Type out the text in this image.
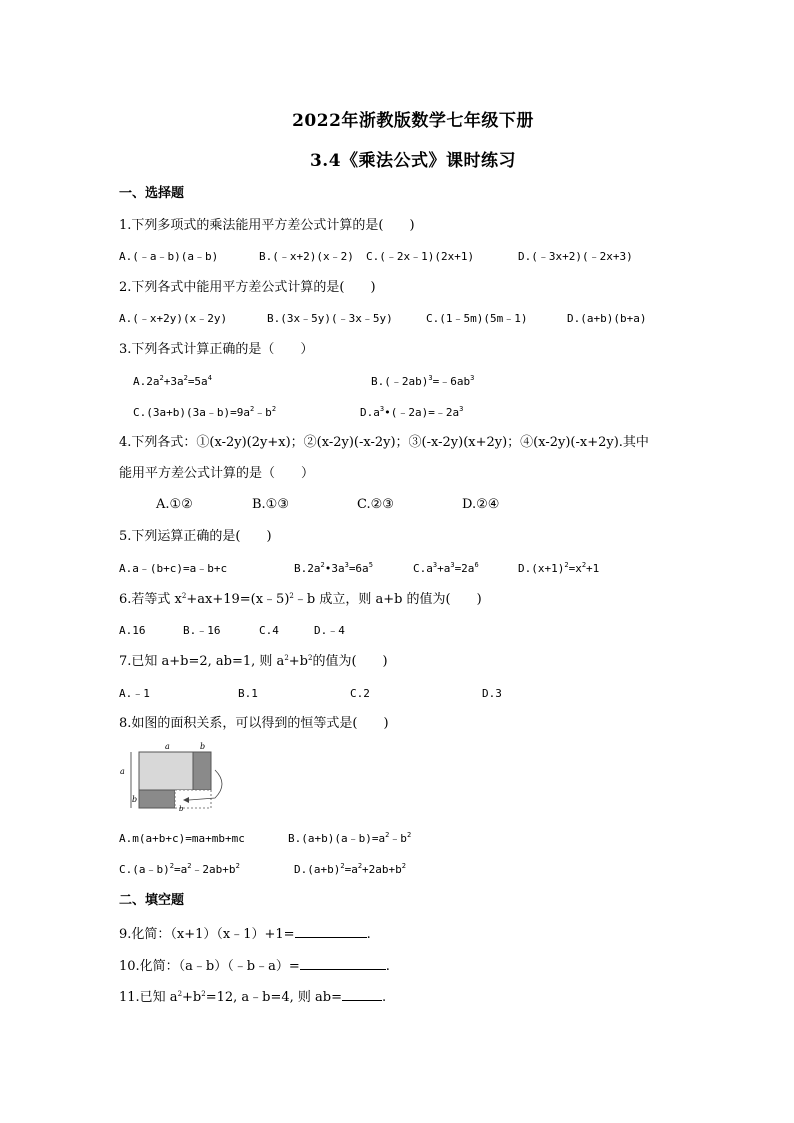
2022年浙教版数学七年级下册
3.4《乘法公式》课时练习
一、选择题
1.下列多项式的乘法能用平方差公式计算的是(　　)
A.(﹣a﹣b)(a﹣b)	B.(﹣x+2)(x﹣2) C.(﹣2x﹣1)(2x+1)	D.(﹣3x+2)(﹣2x+3)
2.下列各式中能用平方差公式计算的是(　　)
A.(﹣x+2y)(x﹣2y)	B.(3x﹣5y)(﹣3x﹣5y)	C.(1﹣5m)(5m﹣1)	D.(a+b)(b+a)
3.下列各式计算正确的是（　　）
$A.2a^2+3a^2=5a^4$	$B.(﹣2ab)^3=﹣6ab^3$
$C.(3a+b)(3a﹣b)=9a^2﹣b^2$	$D.a^3•(﹣2a)=﹣2a^3$
4.下列各式：①(x-2y)(2y+x)；②(x-2y)(-x-2y)；③(-x-2y)(x+2y)；④(x-2y)(-x+2y).其中
能用平方差公式计算的是（　　）
A.①②	B.①③	C.②③	D.②④
5.下列运算正确的是(　　)
A.a﹣(b+c)=a﹣b+c	$B.2a^2•3a^3=6a^5$	$C.a^3+a^3=2a^6$	$D.(x+1)^2=x^2+1$
6.若等式 $x^2+ax+19=(x﹣5)^2﹣b$ 成立，则 a+b 的值为(　　)
A.16	B.﹣16	C.4	D.﹣4
7.已知 a+b=2, ab=1, 则 $a^2+b^2$的值为(　　)
A.﹣1	B.1	C.2	D.3
8.如图的面积关系，可以得到的恒等式是(　　)
a	b
a
b
b
A.m(a+b+c)=ma+mb+mc	$B.(a+b)(a﹣b)=a^2﹣b^2$
$C.(a﹣b)^2=a^2﹣2ab+b^2$	$D.(a+b)^2=a^2+2ab+b^2$
二、填空题
9.化简：（x+1）（x﹣1）+1=	.
10.化简：（a﹣b）（﹣b﹣a）=	.
11.已知 $a^2+b^2=12$, a﹣b=4, 则 ab=	.
